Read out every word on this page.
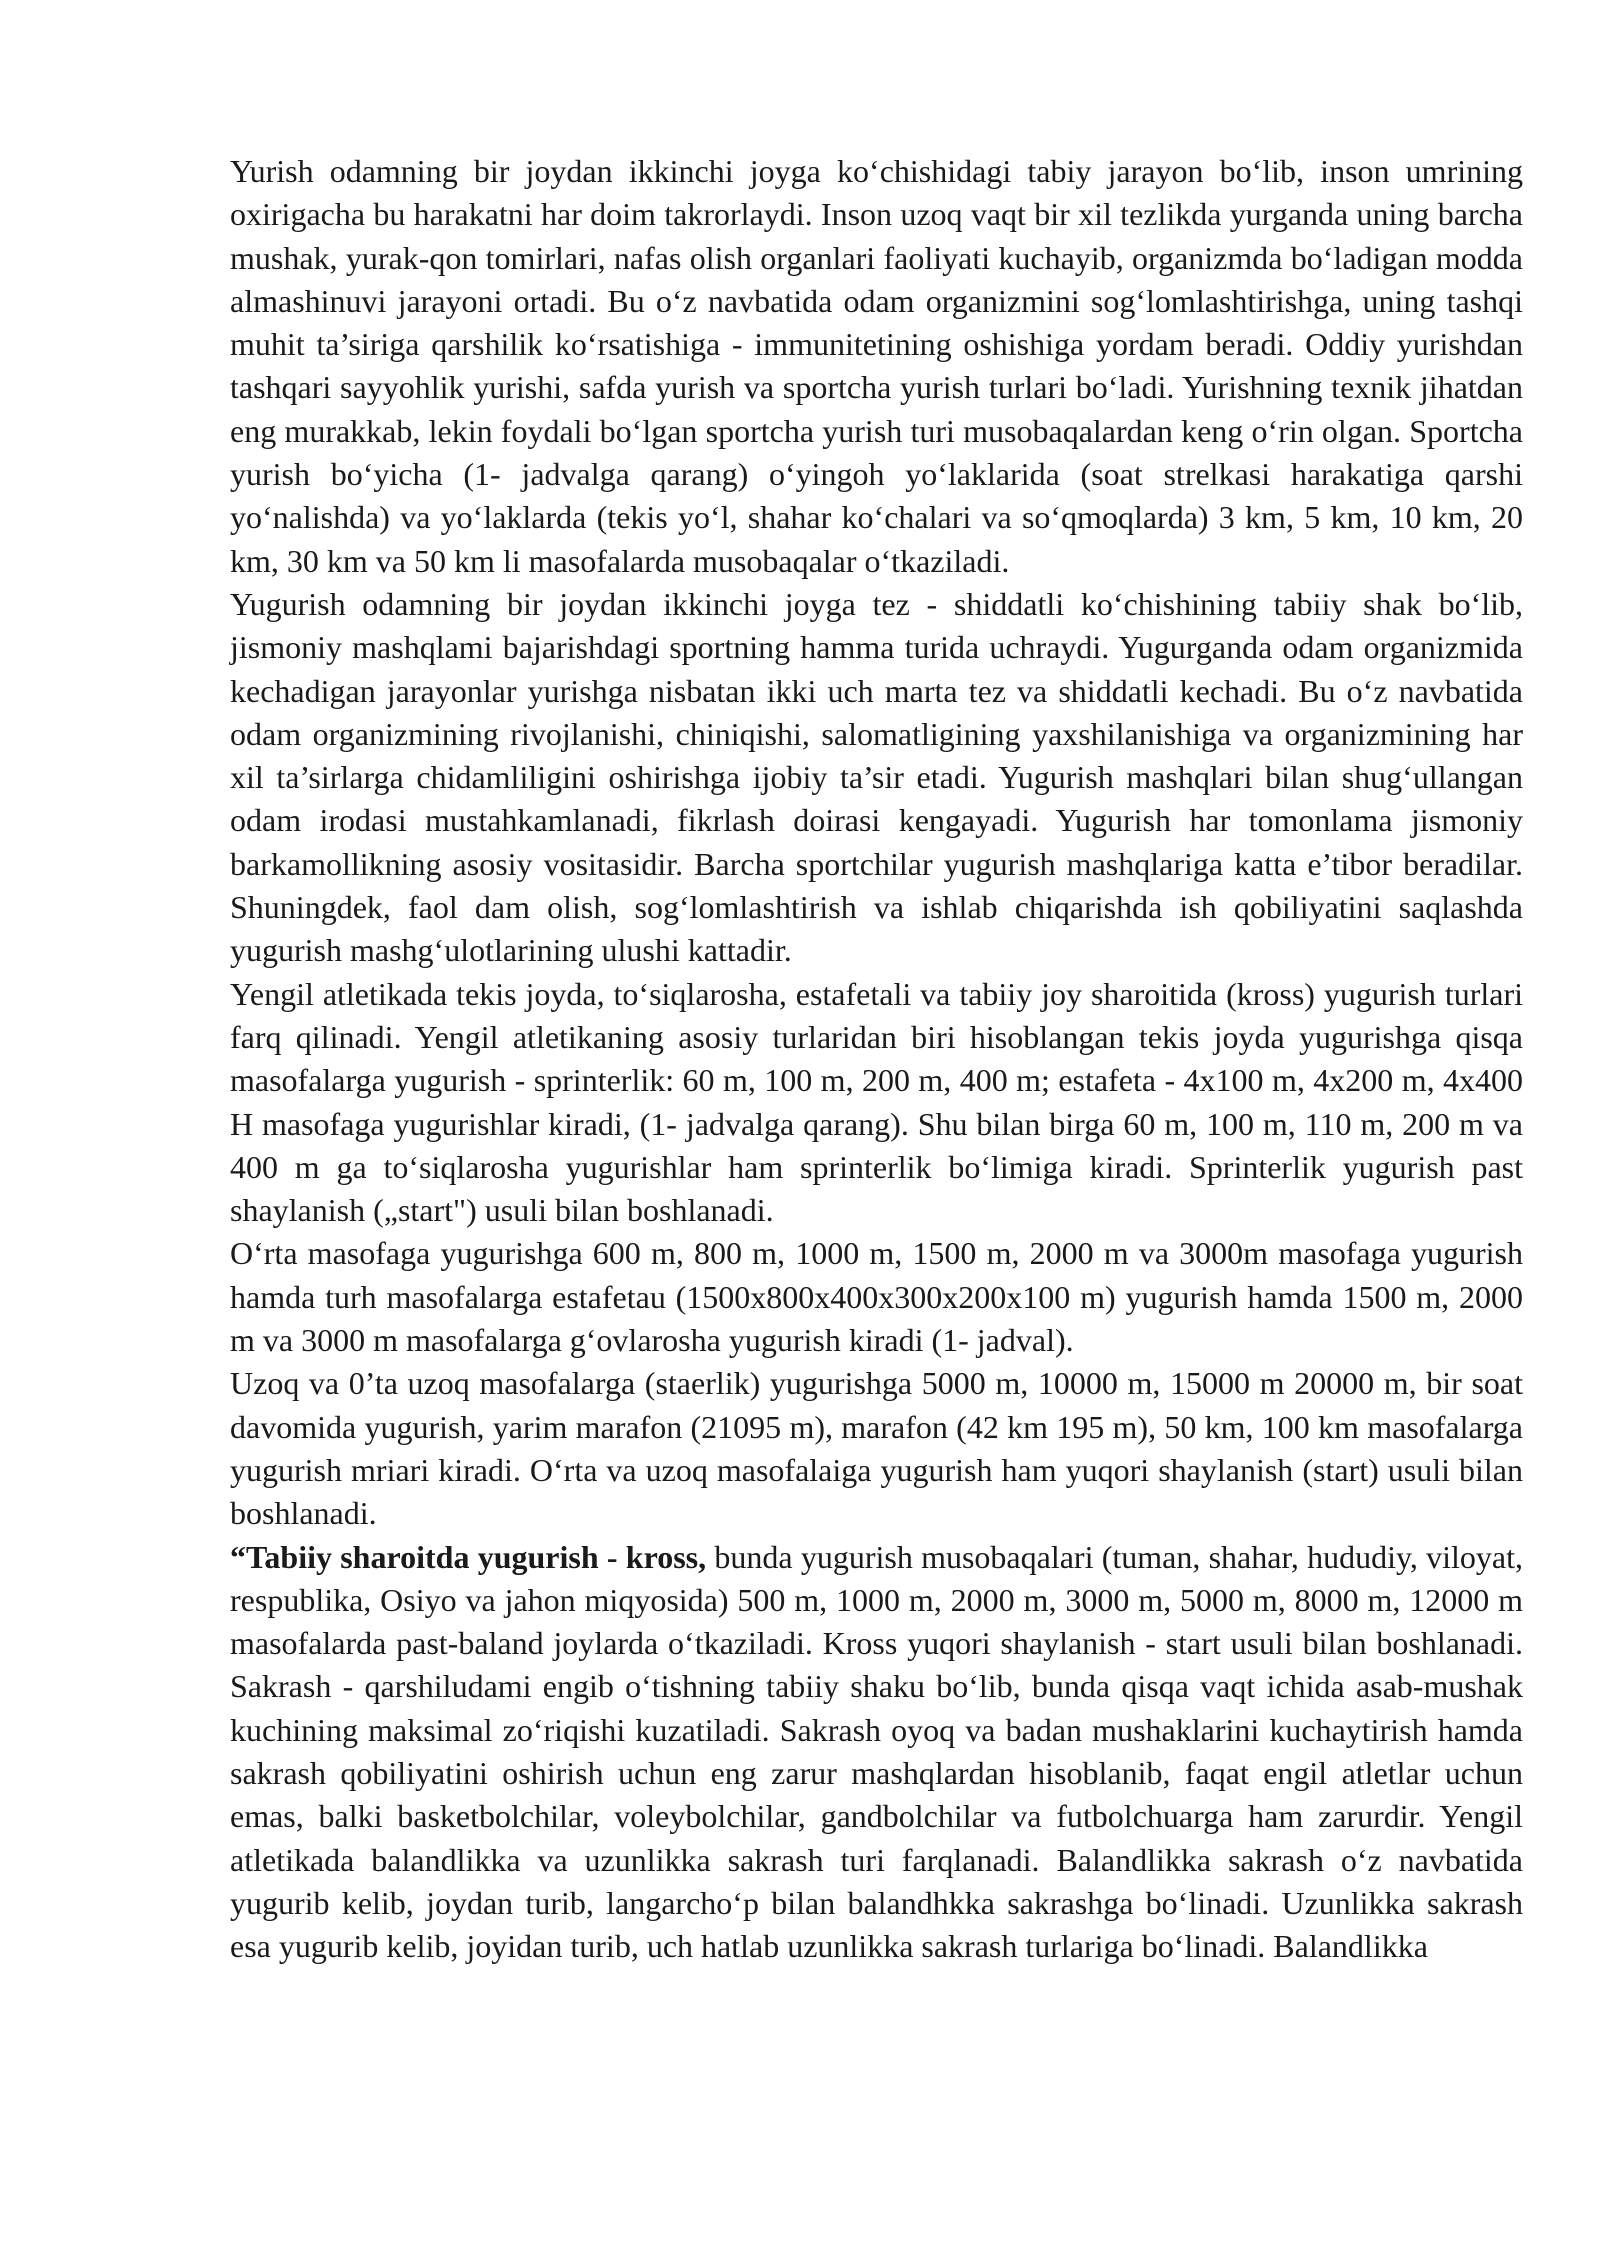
Yurish odamning bir joydan ikkinchi joyga ko‘chishidagi tabiy jarayon bo‘lib, inson umrining oxirigacha bu harakatni har doim takrorlaydi. Inson uzoq vaqt bir xil tezlikda yurganda uning barcha mushak, yurak-qon tomirlari, nafas olish organlari faoliyati kuchayib, organizmda bo‘ladigan modda almashinuvi jarayoni ortadi. Bu o‘z navbatida odam organizmini sog‘lomlashtirishga, uning tashqi muhit ta’siriga qarshilik ko‘rsatishiga - immunitetining oshishiga yordam beradi. Oddiy yurishdan tashqari sayyohlik yurishi, safda yurish va sportcha yurish turlari bo‘ladi. Yurishning texnik jihatdan eng murakkab, lekin foydali bo‘lgan sportcha yurish turi musobaqalardan keng o‘rin olgan. Sportcha yurish bo‘yicha (1- jadvalga qarang) o‘yingoh yo‘laklarida (soat strelkasi harakatiga qarshi yo‘nalishda) va yo‘laklarda (tekis yo‘l, shahar ko‘chalari va so‘qmoqlarda) 3 km, 5 km, 10 km, 20 km, 30 km va 50 km li masofalarda musobaqalar o‘tkaziladi.

Yugurish odamning bir joydan ikkinchi joyga tez - shiddatli ko‘chishining tabiiy shak bo‘lib, jismoniy mashqlami bajarishdagi sportning hamma turida uchraydi. Yugurganda odam organizmida kechadigan jarayonlar yurishga nisbatan ikki uch marta tez va shiddatli kechadi. Bu o‘z navbatida odam organizmining rivojlanishi, chiniqishi, salomatligining yaxshilanishiga va organizmining har xil ta’sirlarga chidamliligini oshirishga ijobiy ta’sir etadi. Yugurish mashqlari bilan shug‘ullangan odam irodasi mustahkamlanadi, fikrlash doirasi kengayadi. Yugurish har tomonlama jismoniy barkamollikning asosiy vositasidir. Barcha sportchilar yugurish mashqlariga katta e’tibor beradilar. Shuningdek, faol dam olish, sog‘lomlashtirish va ishlab chiqarishda ish qobiliyatini saqlashda yugurish mashg‘ulotlarining ulushi kattadir.

Yengil atletikada tekis joyda, to‘siqlarosha, estafetali va tabiiy joy sharoitida (kross) yugurish turlari farq qilinadi. Yengil atletikaning asosiy turlaridan biri hisoblangan tekis joyda yugurishga qisqa masofalarga yugurish - sprinterlik: 60 m, 100 m, 200 m, 400 m; estafeta - 4x100 m, 4x200 m, 4x400 H masofaga yugurishlar kiradi, (1- jadvalga qarang). Shu bilan birga 60 m, 100 m, 110 m, 200 m va 400 m ga to‘siqlarosha yugurishlar ham sprinterlik bo‘limiga kiradi. Sprinterlik yugurish past shaylanish („start") usuli bilan boshlanadi.

O‘rta masofaga yugurishga 600 m, 800 m, 1000 m, 1500 m, 2000 m va 3000m masofaga yugurish hamda turh masofalarga estafetau (1500x800x400x300x200x100 m) yugurish hamda 1500 m, 2000 m va 3000 m masofalarga g‘ovlarosha yugurish kiradi (1- jadval).

Uzoq va 0’ta uzoq masofalarga (staerlik) yugurishga 5000 m, 10000 m, 15000 m 20000 m, bir soat davomida yugurish, yarim marafon (21095 m), marafon (42 km 195 m), 50 km, 100 km masofalarga yugurish mriari kiradi. O‘rta va uzoq masofalaiga yugurish ham yuqori shaylanish (start) usuli bilan boshlanadi.

“Tabiiy sharoitda yugurish - kross, bunda yugurish musobaqalari (tuman, shahar, hududiy, viloyat, respublika, Osiyo va jahon miqyosida) 500 m, 1000 m, 2000 m, 3000 m, 5000 m, 8000 m, 12000 m masofalarda past-baland joylarda o‘tkaziladi. Kross yuqori shaylanish - start usuli bilan boshlanadi. Sakrash - qarshiludami engib o‘tishning tabiiy shaku bo‘lib, bunda qisqa vaqt ichida asab-mushak kuchining maksimal zo‘riqishi kuzatiladi. Sakrash oyoq va badan mushaklarini kuchaytirish hamda sakrash qobiliyatini oshirish uchun eng zarur mashqlardan hisoblanib, faqat engil atletlar uchun emas, balki basketbolchilar, voleybolchilar, gandbolchilar va futbolchuarga ham zarurdir. Yengil atletikada balandlikka va uzunlikka sakrash turi farqlanadi. Balandlikka sakrash o‘z navbatida yugurib kelib, joydan turib, langarcho‘p bilan balandhkka sakrashga bo‘linadi. Uzunlikka sakrash esa yugurib kelib, joyidan turib, uch hatlab uzunlikka sakrash turlariga bo‘linadi. Balandlikka
